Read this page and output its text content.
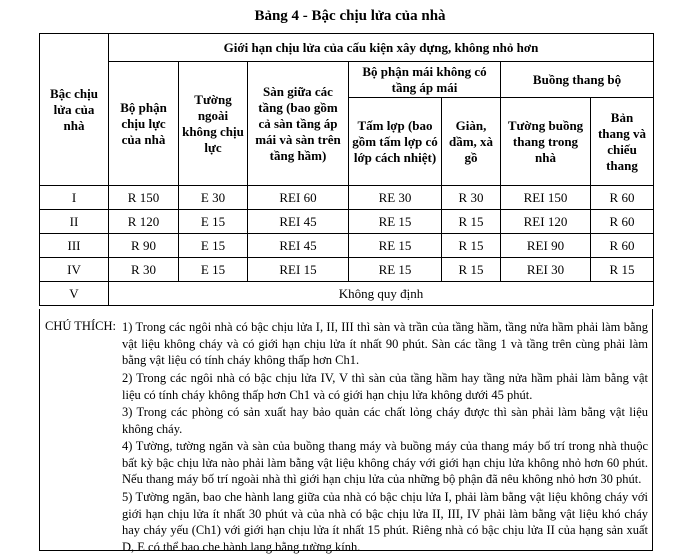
Bảng 4 - Bậc chịu lửa của nhà
Bậc chịu lửa của nhà	Giới hạn chịu lửa của cấu kiện xây dựng, không nhỏ hơn						
	Bộ phận chịu lực của nhà	Tường ngoài không chịu lực	Sàn giữa các tầng (bao gồm cả sàn tầng áp mái và sàn trên tầng hầm)	Bộ phận mái không có tầng áp mái		Buồng thang bộ	
				Tấm lợp (bao gồm tấm lợp có lớp cách nhiệt)	Giàn, dầm, xà gồ	Tường buồng thang trong nhà	Bản thang và chiếu thang
I	R 150	E 30	REI 60	RE 30	R 30	REI 150	R 60
II	R 120	E 15	REI 45	RE 15	R 15	REI 120	R 60
III	R 90	E 15	REI 45	RE 15	R 15	REI 90	R 60
IV	R 30	E 15	REI 15	RE 15	R 15	REI 30	R 15
V	Không quy định						
CHÚ THÍCH: 1) Trong các ngôi nhà có bậc chịu lửa I, II, III thì sàn và trần của tầng hầm, tầng nửa hầm phải làm bằng vật liệu không cháy và có giới hạn chịu lửa ít nhất 90 phút. Sàn các tầng 1 và tầng trên cùng phải làm bằng vật liệu có tính cháy không thấp hơn Ch1.
2) Trong các ngôi nhà có bậc chịu lửa IV, V thì sàn của tầng hầm hay tầng nửa hầm phải làm bằng vật liệu có tính cháy không thấp hơn Ch1 và có giới hạn chịu lửa không dưới 45 phút.
3) Trong các phòng có sản xuất hay bảo quản các chất lỏng cháy được thì sàn phải làm bằng vật liệu không cháy.
4) Tường, tường ngăn và sàn của buồng thang máy và buồng máy của thang máy bố trí trong nhà thuộc bất kỳ bậc chịu lửa nào phải làm bằng vật liệu không cháy với giới hạn chịu lửa không nhỏ hơn 60 phút. Nếu thang máy bố trí ngoài nhà thì giới hạn chịu lửa của những bộ phận đã nêu không nhỏ hơn 30 phút.
5) Tường ngăn, bao che hành lang giữa của nhà có bậc chịu lửa I, phải làm bằng vật liệu không cháy với giới hạn chịu lửa ít nhất 30 phút và của nhà có bậc chịu lửa II, III, IV phải làm bằng vật liệu khó cháy hay cháy yếu (Ch1) với giới hạn chịu lửa ít nhất 15 phút. Riêng nhà có bậc chịu lửa II của hạng sản xuất D, E có thể bao che hành lang bằng tường kính.
